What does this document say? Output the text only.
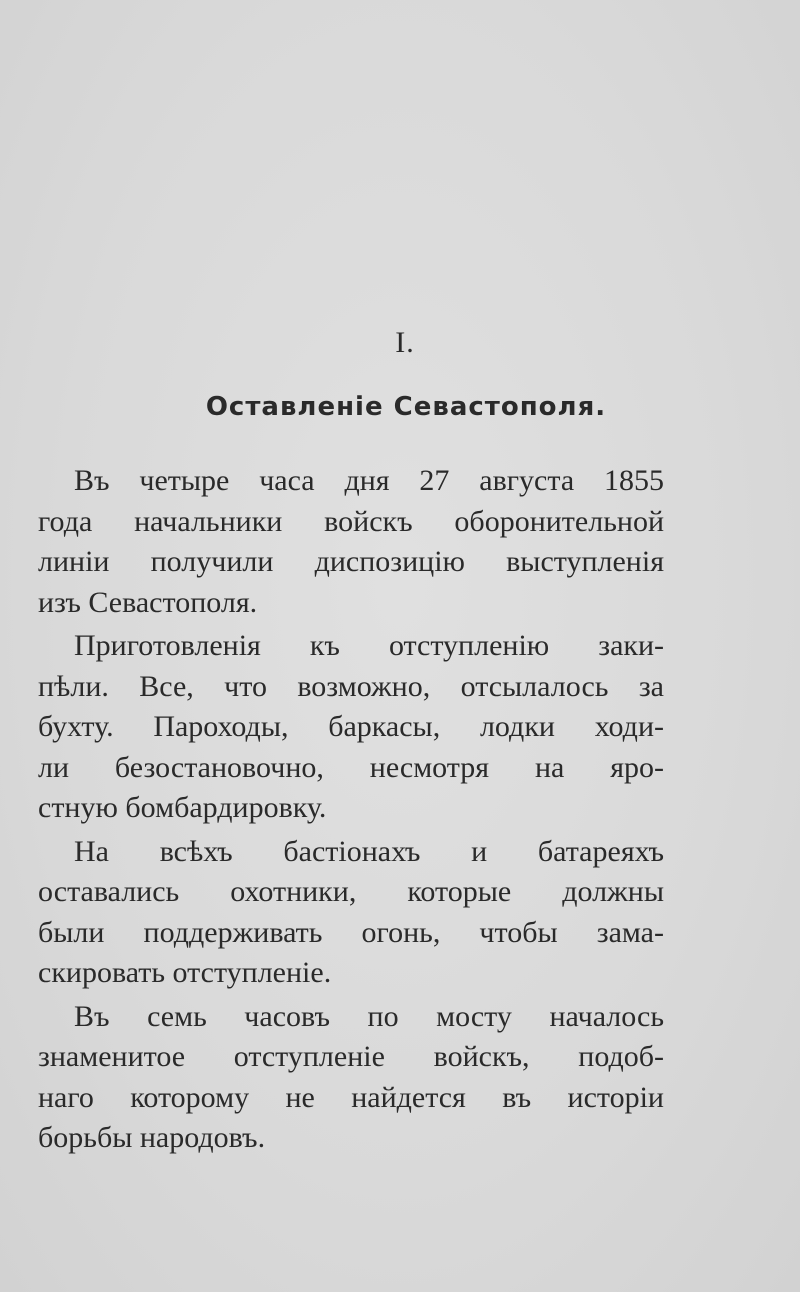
I.
Оставленіе Севастополя.
Въ четыре часа дня 27 августа 1855
года начальники войскъ оборонительной
линіи получили диспозицію выступленія
изъ Севастополя.
Приготовленія къ отступленію заки-
пѣли. Все, что возможно, отсылалось за
бухту. Пароходы, баркасы, лодки ходи-
ли безостановочно, несмотря на яро-
стную бомбардировку.
На всѣхъ бастіонахъ и батареяхъ
оставались охотники, которые должны
были поддерживать огонь, чтобы зама-
скировать отступленіе.
Въ семь часовъ по мосту началось
знаменитое отступленіе войскъ, подоб-
наго которому не найдется въ исторіи
борьбы народовъ.
